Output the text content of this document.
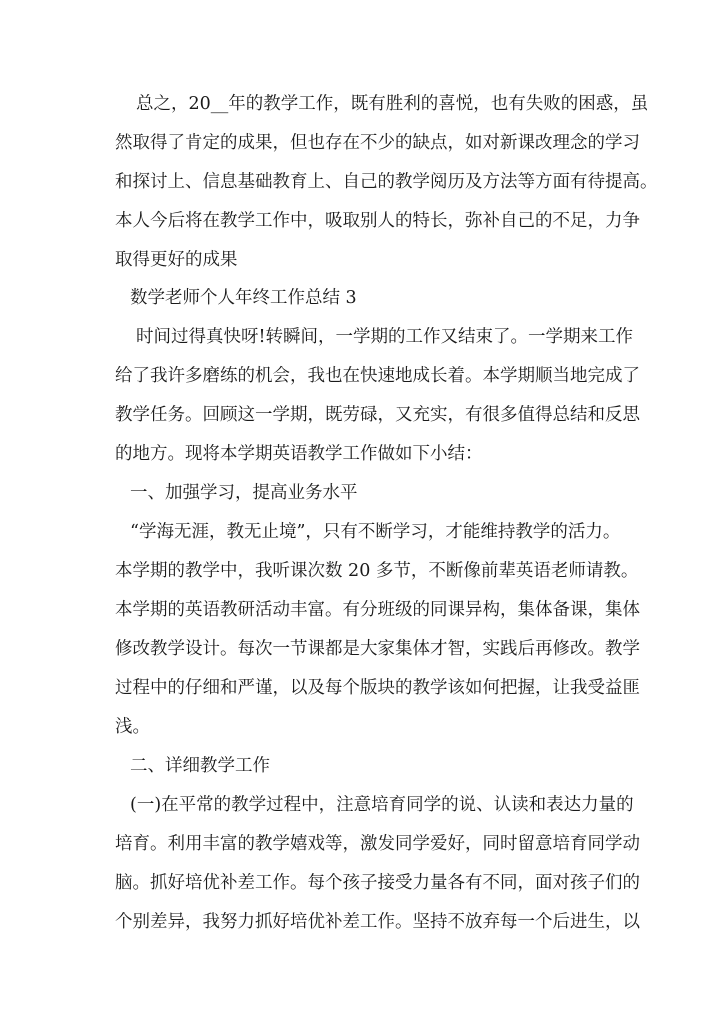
总之，20__年的教学工作，既有胜利的喜悦，也有失败的困惑，虽
然取得了肯定的成果，但也存在不少的缺点，如对新课改理念的学习
和探讨上、信息基础教育上、自己的教学阅历及方法等方面有待提高。
本人今后将在教学工作中，吸取别人的特长，弥补自己的不足，力争
取得更好的成果
数学老师个人年终工作总结 3
时间过得真快呀!转瞬间，一学期的工作又结束了。一学期来工作
给了我许多磨练的机会，我也在快速地成长着。本学期顺当地完成了
教学任务。回顾这一学期，既劳碌，又充实，有很多值得总结和反思
的地方。现将本学期英语教学工作做如下小结：
一、加强学习，提高业务水平
“学海无涯，教无止境”，只有不断学习，才能维持教学的活力。
本学期的教学中，我听课次数 20 多节，不断像前辈英语老师请教。
本学期的英语教研活动丰富。有分班级的同课异构，集体备课，集体
修改教学设计。每次一节课都是大家集体才智，实践后再修改。教学
过程中的仔细和严谨，以及每个版块的教学该如何把握，让我受益匪
浅。
二、详细教学工作
(一)在平常的教学过程中，注意培育同学的说、认读和表达力量的
培育。利用丰富的教学嬉戏等，激发同学爱好，同时留意培育同学动
脑。抓好培优补差工作。每个孩子接受力量各有不同，面对孩子们的
个别差异，我努力抓好培优补差工作。坚持不放弃每一个后进生，以
